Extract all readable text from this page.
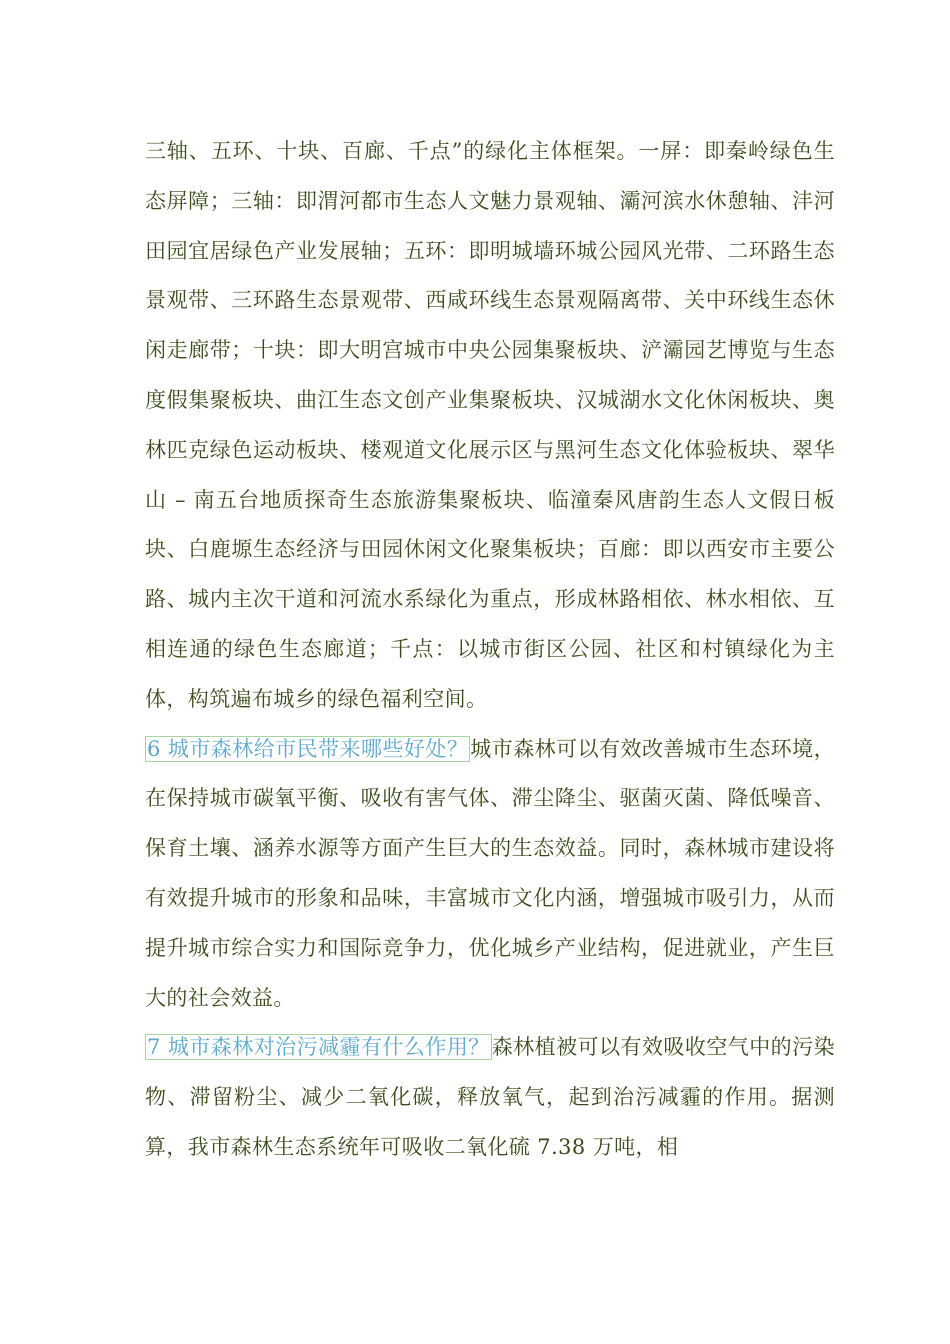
三轴、五环、十块、百廊、千点”的绿化主体框架。一屏：即秦岭绿色生态屏障；三轴：即渭河都市生态人文魅力景观轴、灞河滨水休憩轴、沣河田园宜居绿色产业发展轴；五环：即明城墙环城公园风光带、二环路生态景观带、三环路生态景观带、西咸环线生态景观隔离带、关中环线生态休闲走廊带；十块：即大明宫城市中央公园集聚板块、浐灞园艺博览与生态度假集聚板块、曲江生态文创产业集聚板块、汉城湖水文化休闲板块、奥林匹克绿色运动板块、楼观道文化展示区与黑河生态文化体验板块、翠华山 – 南五台地质探奇生态旅游集聚板块、临潼秦风唐韵生态人文假日板块、白鹿塬生态经济与田园休闲文化聚集板块；百廊：即以西安市主要公路、城内主次干道和河流水系绿化为重点，形成林路相依、林水相依、互相连通的绿色生态廊道；千点：以城市街区公园、社区和村镇绿化为主体，构筑遍布城乡的绿色福利空间。

6 城市森林给市民带来哪些好处？城市森林可以有效改善城市生态环境，在保持城市碳氧平衡、吸收有害气体、滞尘降尘、驱菌灭菌、降低噪音、保育土壤、涵养水源等方面产生巨大的生态效益。同时，森林城市建设将有效提升城市的形象和品味，丰富城市文化内涵，增强城市吸引力，从而提升城市综合实力和国际竞争力，优化城乡产业结构，促进就业，产生巨大的社会效益。

7 城市森林对治污减霾有什么作用？森林植被可以有效吸收空气中的污染物、滞留粉尘、减少二氧化碳，释放氧气，起到治污减霾的作用。据测算，我市森林生态系统年可吸收二氧化硫 7.38 万吨，相
